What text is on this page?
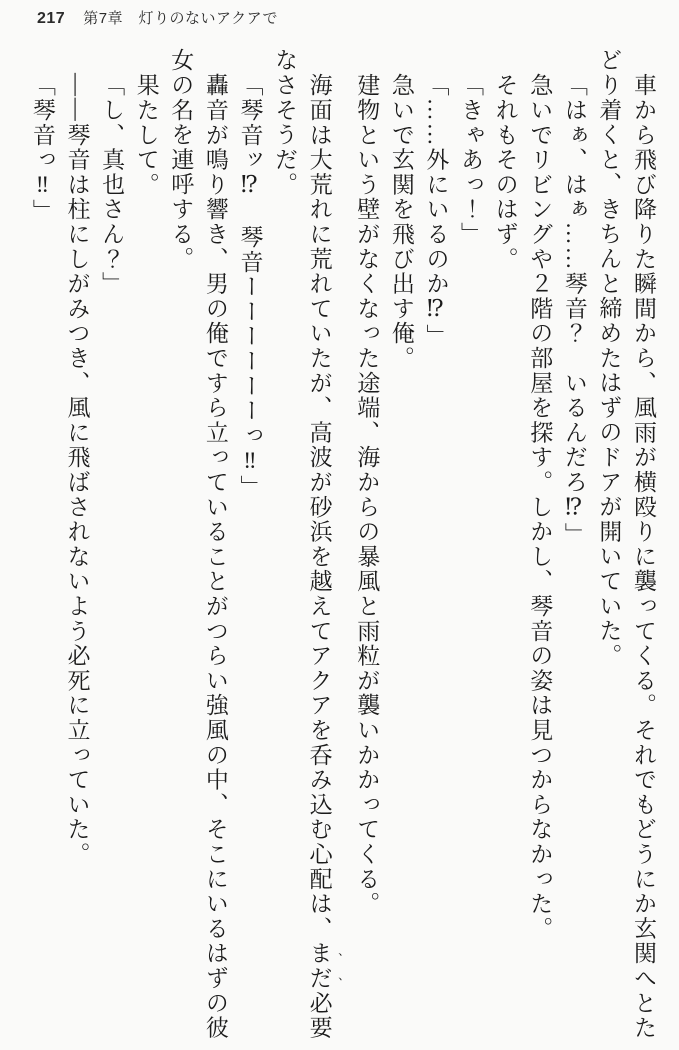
217 第7章　灯りのないアクアで

車から飛び降りた瞬間から、風雨が横殴りに襲ってくる。それでもどうにか玄関へとたどり着くと、きちんと締めたはずのドアが開いていた。

「はぁ、はぁ……琴音？　いるんだろ⁉」

急いでリビングや２階の部屋を探す。しかし、琴音の姿は見つからなかった。

それもそのはず。

「きゃあっ！」

「……外にいるのか⁉」

急いで玄関を飛び出す俺。

建物という壁がなくなった途端、海からの暴風と雨粒が襲いかかってくる。

海面は大荒れに荒れていたが、高波が砂浜を越えてアクアを呑み込む心配は、まだ必要なさそうだ。

「琴音ッ⁉　琴音ーーーーーーっ‼」

轟音が鳴り響き、男の俺ですら立っていることがつらい強風の中、そこにいるはずの彼女の名を連呼する。

果たして。

「し、真也さん？」

――琴音は柱にしがみつき、風に飛ばされないよう必死に立っていた。

「琴音っ‼」
